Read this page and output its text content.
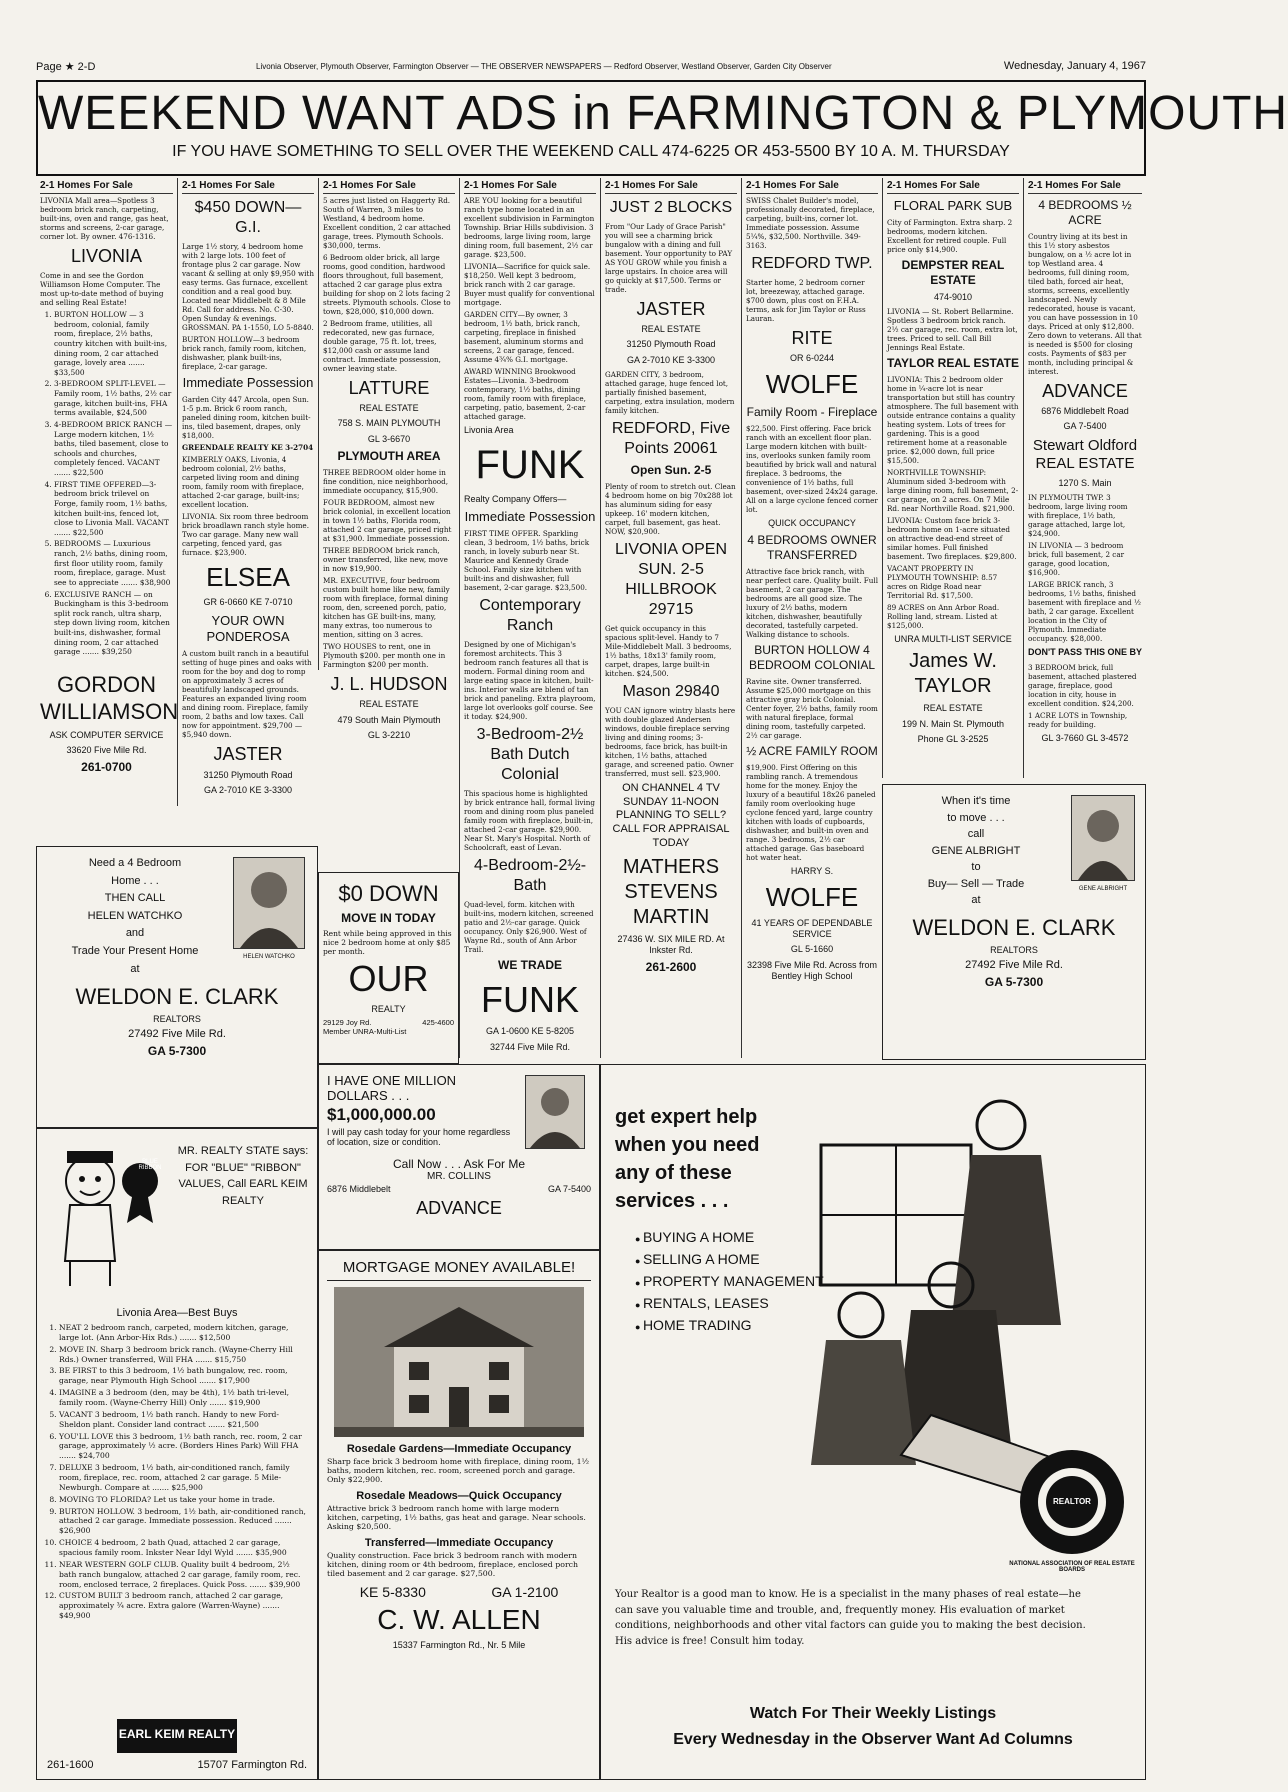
Page ★ 2-D	Livonia Observer, Plymouth Observer, Farmington Observer — THE OBSERVER NEWSPAPERS — Redford Observer, Westland Observer, Garden City Observer	Wednesday, January 4, 1967
WEEKEND WANT ADS in FARMINGTON & PLYMOUTH
IF YOU HAVE SOMETHING TO SELL OVER THE WEEKEND CALL 474-6225 OR 453-5500 BY 10 A. M. THURSDAY
2-1 Homes For Sale

LIVONIA Mall area—Spotless 3 bedroom brick ranch, carpeting, built-ins, oven and range, gas heat, storms and screens, 2-car garage, corner lot. By owner. 476-1316.

LIVONIA

Come in and see the Gordon Williamson Home Computer. The most up-to-date method of buying and selling Real Estate!

1. BURTON HOLLOW — 3 bedroom, colonial, family room, fireplace, 2½ baths, country kitchen with built-ins, dining room, 2 car attached garage, lovely area ....... $33,500
2. 3-BEDROOM SPLIT-LEVEL — Family room, 1½ baths, 2½ car garage, kitchen built-ins, FHA terms available, $24,500
3. 4-BEDROOM BRICK RANCH —Large modern kitchen, 1½ baths, tiled basement, close to schools and churches, completely fenced. VACANT ....... $22,500
4. FIRST TIME OFFERED—3-bedroom brick trilevel on Forge, family room, 1½ baths, kitchen built-ins, fenced lot, close to Livonia Mall. VACANT ....... $22,500
5. BEDROOMS — Luxurious ranch, 2½ baths, dining room, first floor utility room, family room, fireplace, garage. Must see to appreciate ....... $38,900
6. EXCLUSIVE RANCH — on Buckingham is this 3-bedroom split rock ranch, ultra sharp, step down living room, kitchen built-ins, dishwasher, formal dining room, 2 car attached garage ....... $39,250
GORDON WILLIAMSON
ASK COMPUTER SERVICE
33620 Five Mile Rd.
261-0700
2-1 Homes For Sale
$450 DOWN—G.I.

Large 1½ story, 4 bedroom home with 2 large lots. 100 feet of frontage plus 2 car garage. Now vacant & selling at only $9,950 with easy terms. Gas furnace, excellent condition and a real good buy. Located near Middlebelt & 8 Mile Rd. Call for address. No. C-30. Open Sunday & evenings. GROSSMAN. PA 1-1550, LO 5-8840.

BURTON HOLLOW—3 bedroom brick ranch, family room, kitchen, dishwasher, plank built-ins, fireplace, 2-car garage.

Immediate Possession

Garden City 447 Arcola, open Sun. 1-5 p.m. Brick 6 room ranch, paneled dining room, kitchen built-ins, tiled basement, drapes, only $18,000.

GREENDALE REALTY KE 3-2704

KIMBERLY OAKS, Livonia, 4 bedroom colonial, 2½ baths, carpeted living room and dining room, family room with fireplace, attached 2-car garage, built-ins; excellent location.

LIVONIA. Six room three bedroom brick broadlawn ranch style home. Two car garage. Many new wall carpeting, fenced yard, gas furnace. $23,900.

ELSEA
GR 6-0660 KE 7-0710
YOUR OWN PONDEROSA

A custom built ranch in a beautiful setting of huge pines and oaks with room for the boy and dog to romp on approximately 3 acres of beautifully landscaped grounds. Features an expanded living room and dining room. Fireplace, family room, 2 baths and low taxes. Call now for appointment. $29,700 — $5,940 down.

JASTER
31250 Plymouth Road
GA 2-7010 KE 3-3300
2-1 Homes For Sale

5 acres just listed on Haggerty Rd. South of Warren, 3 miles to Westland, 4 bedroom home. Excellent condition, 2 car attached garage, trees. Plymouth Schools. $30,000, terms.

6 Bedroom older brick, all large rooms, good condition, hardwood floors throughout, full basement, attached 2 car garage plus extra building for shop on 2 lots facing 2 streets. Plymouth schools. Close to town, $28,000, $10,000 down.

2 Bedroom frame, utilities, all redecorated, new gas furnace, double garage, 75 ft. lot, trees, $12,000 cash or assume land contract. Immediate possession, owner leaving state.

LATTURE
REAL ESTATE
758 S. MAIN PLYMOUTH
GL 3-6670
PLYMOUTH AREA

THREE BEDROOM older home in fine condition, nice neighborhood, immediate occupancy, $15,900.

FOUR BEDROOM, almost new brick colonial, in excellent location in town 1½ baths, Florida room, attached 2 car garage, priced right at $31,900. Immediate possession.

THREE BEDROOM brick ranch, owner transferred, like new, move in now $19,900.

MR. EXECUTIVE, four bedroom custom built home like new, family room with fireplace, formal dining room, den, screened porch, patio, kitchen has GE built-ins, many, many extras, too numerous to mention, sitting on 3 acres.

TWO HOUSES to rent, one in Plymouth $200. per month one in Farmington $200 per month.

J. L. HUDSON
REAL ESTATE
479 South Main Plymouth
GL 3-2210
$0 DOWN
MOVE IN TODAY

Rent while being approved in this nice 2 bedroom home at only $85 per month.

OUR
REALTY
29129 Joy Rd.	425-4600
Member UNRA-Multi-List
2-1 Homes For Sale

ARE YOU looking for a beautiful ranch type home located in an excellent subdivision in Farmington Township. Briar Hills subdivision. 3 bedrooms, large living room, large dining room, full basement, 2½ car garage. $23,500.

LIVONIA—Sacrifice for quick sale. $18,250. Well kept 3 bedroom, brick ranch with 2 car garage. Buyer must qualify for conventional mortgage.

GARDEN CITY—By owner, 3 bedroom, 1½ bath, brick ranch, carpeting, fireplace in finished basement, aluminum storms and screens, 2 car garage, fenced. Assume 4¾% G.I. mortgage.

AWARD WINNING Brookwood Estates—Livonia. 3-bedroom contemporary, 1½ baths, dining room, family room with fireplace, carpeting, patio, basement, 2-car attached garage.

Livonia Area
FUNK
Realty Company Offers—
Immediate Possession

FIRST TIME OFFER. Sparkling clean, 3 bedroom, 1½ baths, brick ranch, in lovely suburb near St. Maurice and Kennedy Grade School. Family size kitchen with built-ins and dishwasher, full basement, 2-car garage. $23,500.

Contemporary Ranch

Designed by one of Michigan's foremost architects. This 3 bedroom ranch features all that is modern. Formal dining room and large eating space in kitchen, built-ins. Interior walls are blend of tan brick and paneling. Extra playroom, large lot overlooks golf course. See it today. $24,900.

3-Bedroom-2½ Bath Dutch Colonial

This spacious home is highlighted by brick entrance hall, formal living room and dining room plus paneled family room with fireplace, built-in, attached 2-car garage. $29,900. Near St. Mary's Hospital. North of Schoolcraft, east of Levan.

4-Bedroom-2½-Bath

Quad-level, form. kitchen with built-ins, modern kitchen, screened patio and 2½-car garage. Quick occupancy. Only $26,900. West of Wayne Rd., south of Ann Arbor Trail.

WE TRADE
FUNK
GA 1-0600 KE 5-8205
32744 Five Mile Rd.
2-1 Homes For Sale
JUST 2 BLOCKS

From "Our Lady of Grace Parish" you will see a charming brick bungalow with a dining and full basement. Your opportunity to PAY AS YOU GROW while you finish a large upstairs. In choice area will go quickly at $17,500. Terms or trade.

JASTER
REAL ESTATE
31250 Plymouth Road
GA 2-7010 KE 3-3300

GARDEN CITY, 3 bedroom, attached garage, huge fenced lot, partially finished basement, carpeting, extra insulation, modern family kitchen.

REDFORD, Five Points 20061
Open Sun. 2-5

Plenty of room to stretch out. Clean 4 bedroom home on big 70x288 lot has aluminum siding for easy upkeep. 16' modern kitchen, carpet, full basement, gas heat. NOW, $20,900.

LIVONIA OPEN SUN. 2-5 HILLBROOK 29715

Get quick occupancy in this spacious split-level. Handy to 7 Mile-Middlebelt Mall. 3 bedrooms, 1½ baths, 18x13' family room, carpet, drapes, large built-in kitchen. $24,500.

Mason 29840

YOU CAN ignore wintry blasts here with double glazed Andersen windows, double fireplace serving living and dining rooms; 3-bedrooms, face brick, has built-in kitchen, 1½ baths, attached garage, and screened patio. Owner transferred, must sell. $23,900.

ON CHANNEL 4 TV SUNDAY 11-NOON PLANNING TO SELL? CALL FOR APPRAISAL TODAY
MATHERS STEVENS MARTIN
27436 W. SIX MILE RD. At Inkster Rd.
261-2600
2-1 Homes For Sale

SWISS Chalet Builder's model, professionally decorated, fireplace, carpeting, built-ins, corner lot. Immediate possession. Assume 5¼%, $32,500. Northville. 349-3163.

REDFORD TWP.

Starter home, 2 bedroom corner lot, breezeway, attached garage. $700 down, plus cost on F.H.A. terms, ask for Jim Taylor or Russ Lauran.

RITE
OR 6-0244
WOLFE
Family Room - Fireplace

$22,500. First offering. Face brick ranch with an excellent floor plan. Large modern kitchen with built-ins, overlooks sunken family room beautified by brick wall and natural fireplace. 3 bedrooms, the convenience of 1½ baths, full basement, over-sized 24x24 garage. All on a large cyclone fenced corner lot.

QUICK OCCUPANCY
4 BEDROOMS OWNER TRANSFERRED

Attractive face brick ranch, with near perfect care. Quality built. Full basement, 2 car garage. The bedrooms are all good size. The luxury of 2½ baths, modern kitchen, dishwasher, beautifully decorated, tastefully carpeted. Walking distance to schools.

BURTON HOLLOW 4 BEDROOM COLONIAL

Ravine site. Owner transferred. Assume $25,000 mortgage on this attractive gray brick Colonial. Center foyer, 2½ baths, family room with natural fireplace, formal dining room, tastefully carpeted. 2½ car garage.

½ ACRE FAMILY ROOM

$19,900. First Offering on this rambling ranch. A tremendous home for the money. Enjoy the luxury of a beautiful 18x26 paneled family room overlooking huge cyclone fenced yard, large country kitchen with loads of cupboards, dishwasher, and built-in oven and range. 3 bedrooms, 2½ car attached garage. Gas baseboard hot water heat.

HARRY S.
WOLFE
41 YEARS OF DEPENDABLE SERVICE
GL 5-1660
32398 Five Mile Rd. Across from Bentley High School
2-1 Homes For Sale
FLORAL PARK SUB

City of Farmington. Extra sharp. 2 bedrooms, modern kitchen. Excellent for retired couple. Full price only $14,900.

DEMPSTER REAL ESTATE
474-9010

LIVONIA — St. Robert Bellarmine. Spotless 3 bedroom brick ranch. 2½ car garage, rec. room, extra lot, trees. Priced to sell. Call Bill Jennings Real Estate.

TAYLOR REAL ESTATE

LIVONIA: This 2 bedroom older home in ¼-acre lot is near transportation but still has country atmosphere. The full basement with outside entrance contains a quality heating system. Lots of trees for gardening. This is a good retirement home at a reasonable price. $2,000 down, full price $15,500.

NORTHVILLE TOWNSHIP: Aluminum sided 3-bedroom with large dining room, full basement, 2-car garage, on 2 acres. On 7 Mile Rd. near Northville Road. $21,900.

LIVONIA: Custom face brick 3-bedroom home on 1-acre situated on attractive dead-end street of similar homes. Full finished basement. Two fireplaces. $29,800.

VACANT PROPERTY IN PLYMOUTH TOWNSHIP: 8.57 acres on Ridge Road near Territorial Rd. $17,500.

89 ACRES on Ann Arbor Road. Rolling land, stream. Listed at $125,000.

UNRA MULTI-LIST SERVICE
James W. TAYLOR
REAL ESTATE
199 N. Main St. Plymouth
Phone GL 3-2525
2-1 Homes For Sale
4 BEDROOMS ½ ACRE

Country living at its best in this 1½ story asbestos bungalow, on a ½ acre lot in top Westland area. 4 bedrooms, full dining room, tiled bath, forced air heat, storms, screens, excellently landscaped. Newly redecorated, house is vacant, you can have possession in 10 days. Priced at only $12,800. Zero down to veterans. All that is needed is $500 for closing costs. Payments of $83 per month, including principal & interest.

ADVANCE
6876 Middlebelt Road
GA 7-5400
Stewart Oldford REAL ESTATE
1270 S. Main

IN PLYMOUTH TWP. 3 bedroom, large living room with fireplace, 1½ bath, garage attached, large lot, $24,900.

IN LIVONIA — 3 bedroom brick, full basement, 2 car garage, good location, $16,900.

LARGE BRICK ranch, 3 bedrooms, 1½ baths, finished basement with fireplace and ½ bath, 2 car garage. Excellent location in the City of Plymouth. Immediate occupancy. $28,000.

DON'T PASS THIS ONE BY

3 BEDROOM brick, full basement, attached plastered garage, fireplace, good location in city, house in excellent condition. $24,200.

1 ACRE LOTS in Township, ready for building.

GL 3-7660 GL 3-4572
GENE ALBRIGHT
When it's time
to move . . .
call
GENE ALBRIGHT
to
Buy— Sell — Trade
at
WELDON E. CLARK
REALTORS
27492 Five Mile Rd.
GA 5-7300
HELEN WATCHKO
Need a 4 Bedroom
Home . . .
THEN CALL
HELEN WATCHKO
and
Trade Your Present Home
at
WELDON E. CLARK
REALTORS
27492 Five Mile Rd.
GA 5-7300
I HAVE ONE MILLION DOLLARS . . .
$1,000,000.00
I will pay cash today for your home regardless of location, size or condition.
Call Now . . . Ask For Me
MR. COLLINS
6876 Middlebelt	GA 7-5400
ADVANCE
BLUE RIBBON
MR. REALTY STATE says: FOR "BLUE" "RIBBON" VALUES, Call EARL KEIM REALTY
Livonia Area—Best Buys
1. NEAT 2 bedroom ranch, carpeted, modern kitchen, garage, large lot. (Ann Arbor-Hix Rds.) ....... $12,500
2. MOVE IN. Sharp 3 bedroom brick ranch. (Wayne-Cherry Hill Rds.) Owner transferred, Will FHA ....... $15,750
3. BE FIRST to this 3 bedroom, 1½ bath bungalow, rec. room, garage, near Plymouth High School ....... $17,900
4. IMAGINE a 3 bedroom (den, may be 4th), 1½ bath tri-level, family room. (Wayne-Cherry Hill) Only ....... $19,900
5. VACANT 3 bedroom, 1½ bath ranch. Handy to new Ford-Sheldon plant. Consider land contract ....... $21,500
6. YOU'LL LOVE this 3 bedroom, 1½ bath ranch, rec. room, 2 car garage, approximately ½ acre. (Borders Hines Park) Will FHA ....... $24,700
7. DELUXE 3 bedroom, 1½ bath, air-conditioned ranch, family room, fireplace, rec. room, attached 2 car garage. 5 Mile-Newburgh. Compare at ....... $25,900
8. MOVING TO FLORIDA? Let us take your home in trade.
9. BURTON HOLLOW. 3 bedroom, 1½ bath, air-conditioned ranch, attached 2 car garage. Immediate possession. Reduced ....... $26,900
10. CHOICE 4 bedroom, 2 bath Quad, attached 2 car garage, spacious family room. Inkster Near Idyl Wyld ....... $35,900
11. NEAR WESTERN GOLF CLUB. Quality built 4 bedroom, 2½ bath ranch bungalow, attached 2 car garage, family room, rec. room, enclosed terrace, 2 fireplaces. Quick Poss. ....... $39,900
12. CUSTOM BUILT 3 bedroom ranch, attached 2 car garage, approximately ¾ acre. Extra galore (Warren-Wayne) ....... $49,900
EARL KEIM REALTY
261-1600	15707 Farmington Rd.
MORTGAGE MONEY AVAILABLE!
Rosedale Gardens—Immediate Occupancy

Sharp face brick 3 bedroom home with fireplace, dining room, 1½ baths, modern kitchen, rec. room, screened porch and garage. Only $22,900.

Rosedale Meadows—Quick Occupancy

Attractive brick 3 bedroom ranch home with large modern kitchen, carpeting, 1½ baths, gas heat and garage. Near schools. Asking $20,500.

Transferred—Immediate Occupancy

Quality construction. Face brick 3 bedroom ranch with modern kitchen, dining room or 4th bedroom, fireplace, enclosed porch tiled basement and 2 car garage. $27,500.

KE 5-8330	GA 1-2100
C. W. ALLEN
15337 Farmington Rd., Nr. 5 Mile
get expert help when you need any of these services . . .
● BUYING A HOME
● SELLING A HOME
● PROPERTY MANAGEMENT
● RENTALS, LEASES
● HOME TRADING
REALTOR
NATIONAL ASSOCIATION OF REAL ESTATE BOARDS

Your Realtor is a good man to know. He is a specialist in the many phases of real estate—he can save you valuable time and trouble, and, frequently money. His evaluation of market conditions, neighborhoods and other vital factors can guide you to making the best decision. His advice is free! Consult him today.

Watch For Their Weekly Listings
Every Wednesday in the Observer Want Ad Columns
